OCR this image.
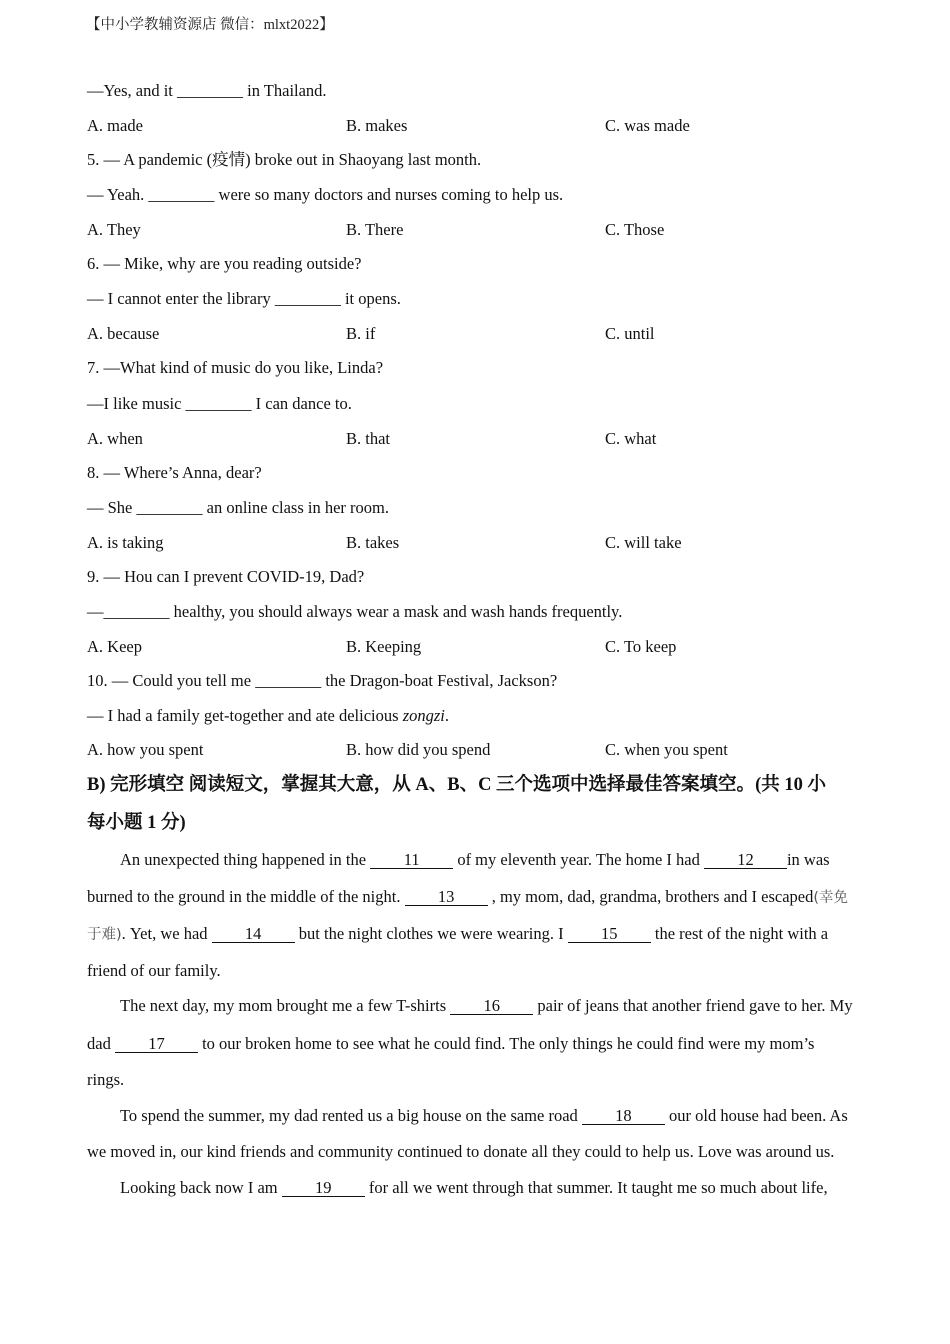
【中小学教辅资源店 微信：mlxt2022】
—Yes, and it ________ in Thailand.
A. made	B. makes	C. was made
5. — A pandemic (疫情) broke out in Shaoyang last month.
— Yeah. ________ were so many doctors and nurses coming to help us.
A. They	B. There	C. Those
6. — Mike, why are you reading outside?
— I cannot enter the library ________ it opens.
A. because	B. if	C. until
7. —What kind of music do you like, Linda?
—I like music ________ I can dance to.
A. when	B. that	C. what
8. — Where’s Anna, dear?
— She ________ an online class in her room.
A. is taking	B. takes	C. will take
9. — Hou can I prevent COVID-19, Dad?
—________ healthy, you should always wear a mask and wash hands frequently.
A. Keep	B. Keeping	C. To keep
10. — Could you tell me ________ the Dragon-boat Festival, Jackson?
— I had a family get-together and ate delicious zongzi.
A. how you spent	B. how did you spend	C. when you spent
B) 完形填空 阅读短文，掌握其大意，从 A、B、C 三个选项中选择最佳答案填空。(共 10 小
每小题 1 分)
An unexpected thing happened in the 11 of my eleventh year. The home I had 12 in was
burned to the ground in the middle of the night. 13 , my mom, dad, grandma, brothers and I escaped(幸免
于难). Yet, we had 14 but the night clothes we were wearing. I 15 the rest of the night with a
friend of our family.
The next day, my mom brought me a few T-shirts 16 pair of jeans that another friend gave to her. My
dad 17 to our broken home to see what he could find. The only things he could find were my mom’s
rings.
To spend the summer, my dad rented us a big house on the same road 18 our old house had been. As
we moved in, our kind friends and community continued to donate all they could to help us. Love was around us.
Looking back now I am 19 for all we went through that summer. It taught me so much about life,
